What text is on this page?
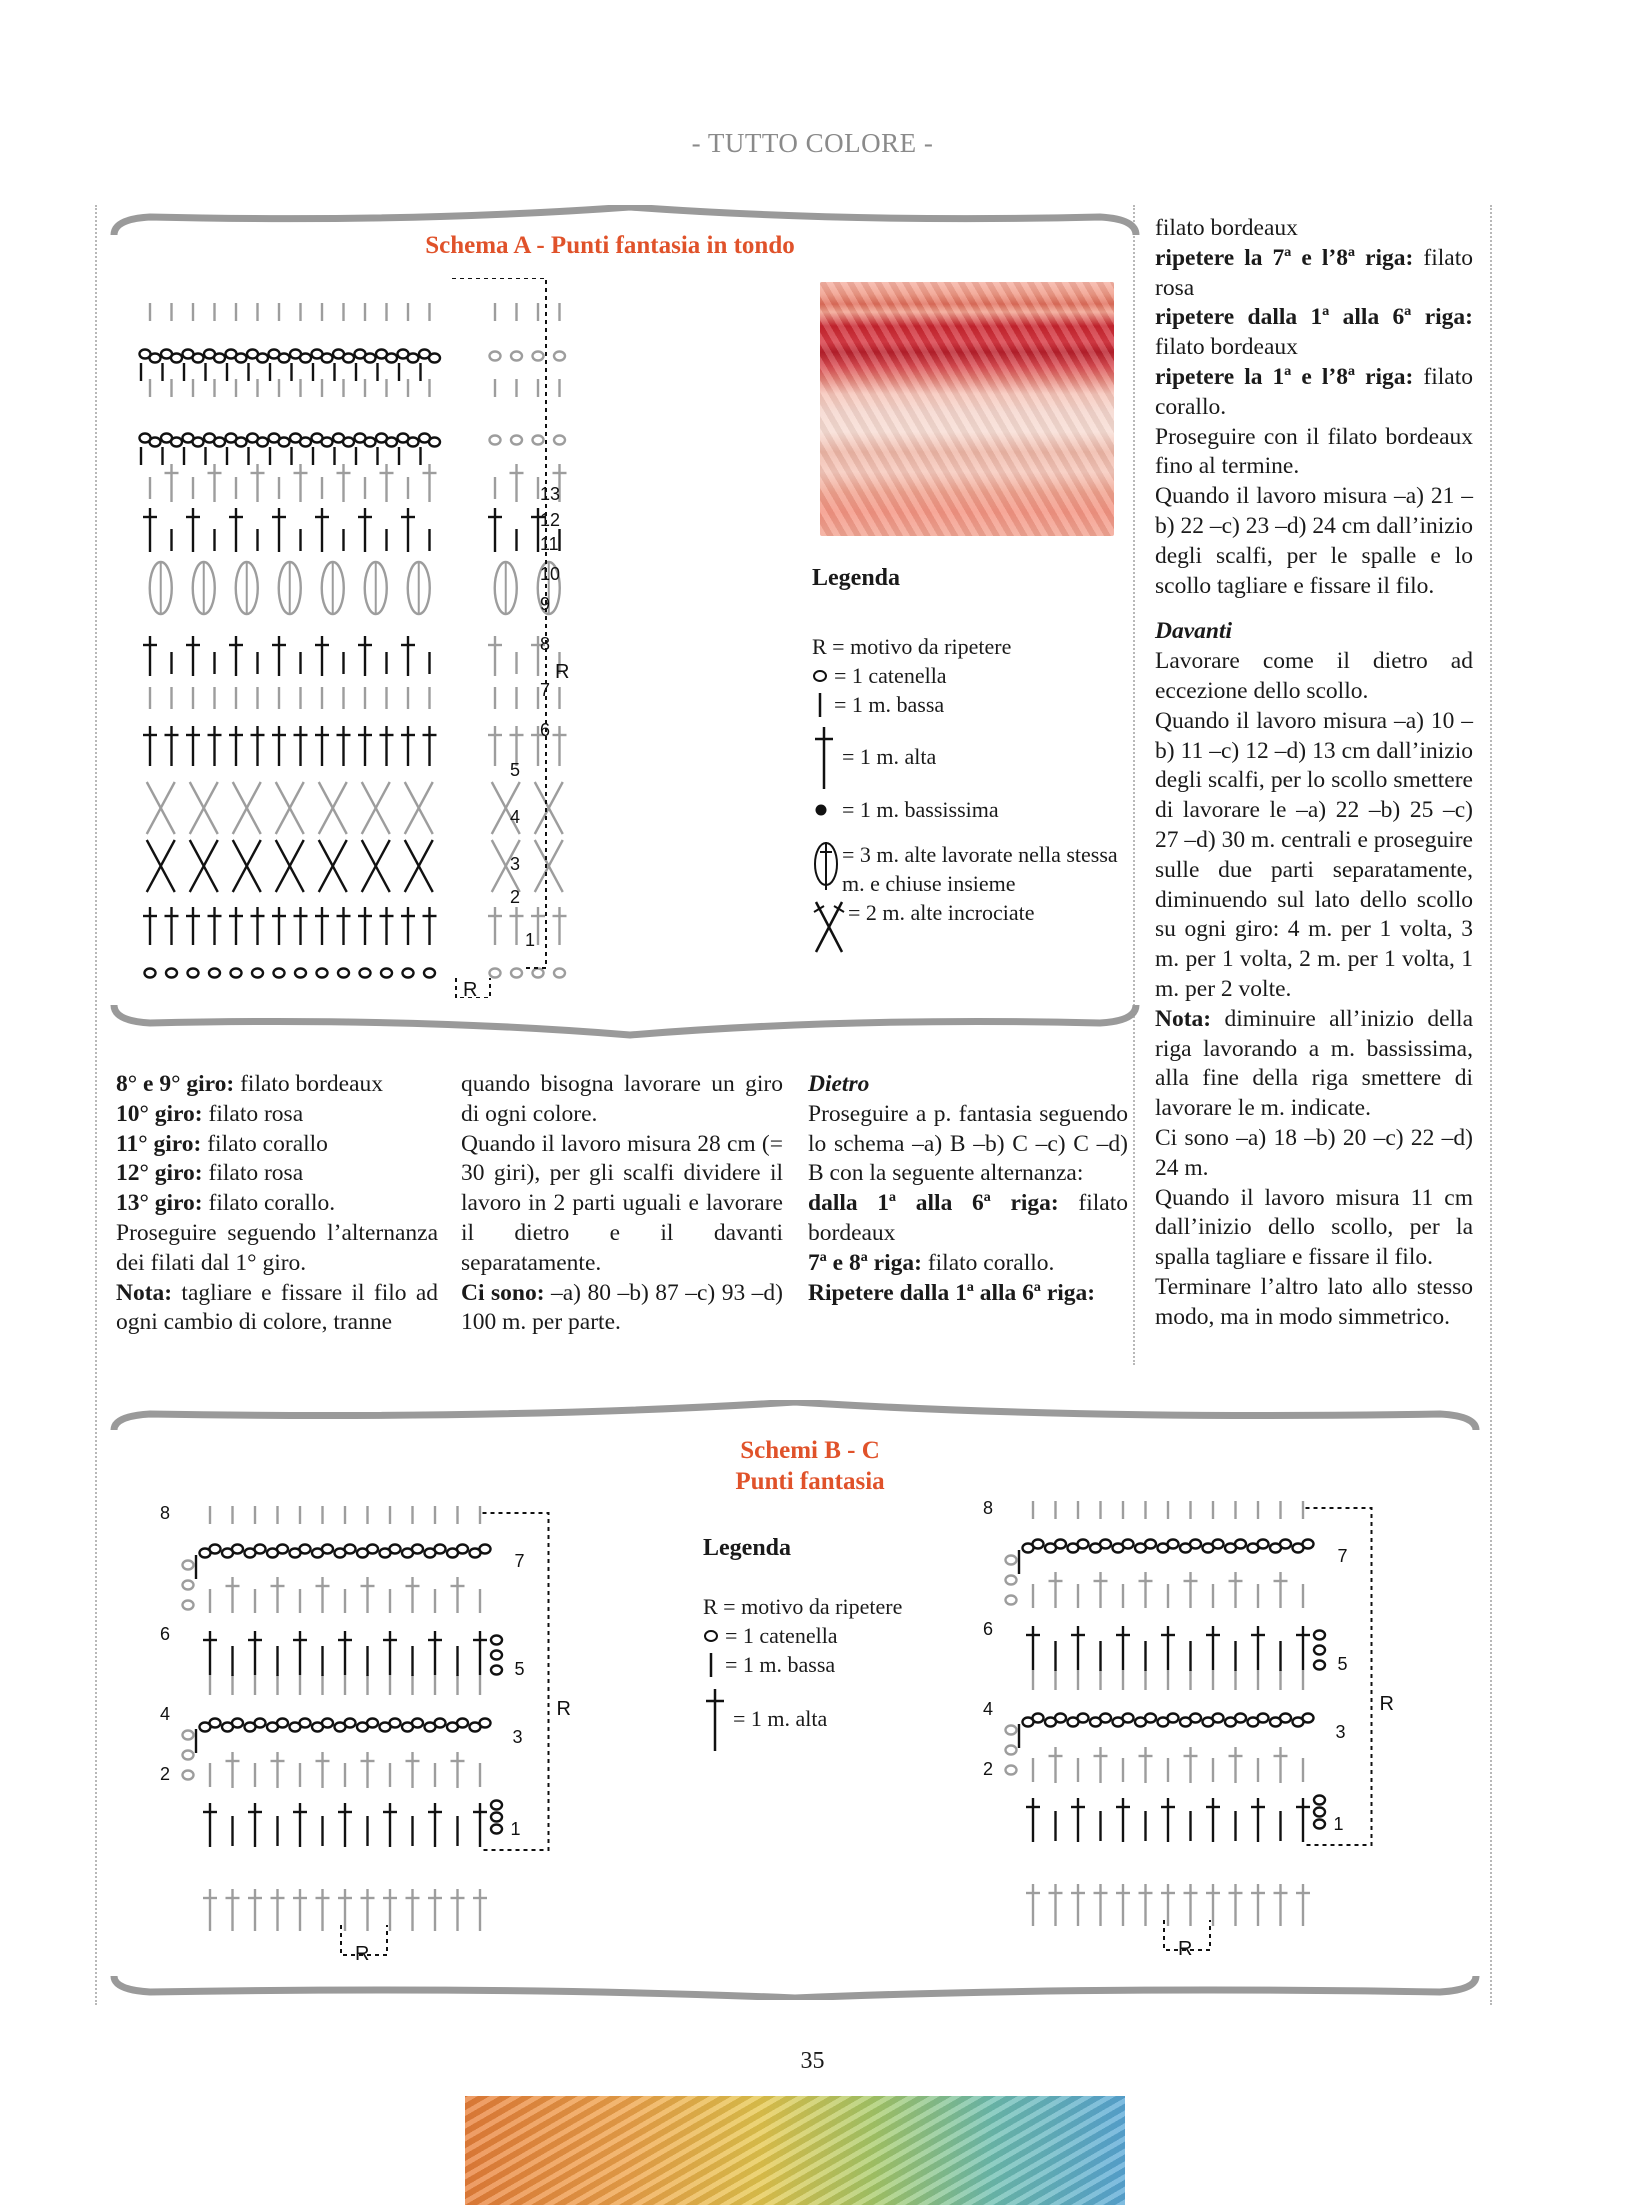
- TUTTO COLORE -
Schema A - Punti fantasia in tondo
1
2
3
4
5
6
7
8
9
10
11
12
13
R
R
Legenda
R = motivo da ripetere
= 1 catenella
= 1 m. bassa
= 1 m. alta
= 1 m. bassissima
= 3 m. alte lavorate nella stessa m. e chiuse insieme
= 2 m. alte incrociate

8° e 9° giro: filato bordeaux

10° giro: filato rosa

11° giro: filato corallo

12° giro: filato rosa

13° giro: filato corallo.

Proseguire seguendo l’alternanza dei filati dal 1° giro.

Nota: tagliare e fissare il filo ad ogni cambio di colore, tranne

quando bisogna lavorare un giro di ogni colore.

Quando il lavoro misura 28 cm (= 30 giri), per gli scalfi dividere il lavoro in 2 parti uguali e lavorare il dietro e il davanti separatamente.

Ci sono: –a) 80 –b) 87 –c) 93 –d) 100 m. per parte.

Dietro

Proseguire a p. fantasia seguendo lo schema –a) B –b) C –c) C –d) B con la seguente alternanza:

dalla 1ª alla 6ª riga: filato bordeaux

7ª e 8ª riga: filato corallo.

Ripetere dalla 1ª alla 6ª riga:

filato bordeaux

ripetere la 7ª e l’8ª riga: filato rosa

ripetere dalla 1ª alla 6ª riga: filato bordeaux

ripetere la 1ª e l’8ª riga: filato corallo.

Proseguire con il filato bordeaux fino al termine.

Quando il lavoro misura –a) 21 –b) 22 –c) 23 –d) 24 cm dall’inizio degli scalfi, per le spalle e lo scollo tagliare e fissare il filo.

Davanti

Lavorare come il dietro ad eccezione dello scollo.

Quando il lavoro misura –a) 10 –b) 11 –c) 12 –d) 13 cm dall’inizio degli scalfi, per lo scollo smettere di lavorare le –a) 22 –b) 25 –c) 27 –d) 30 m. centrali e proseguire sulle due parti separatamente, diminuendo sul lato dello scollo su ogni giro: 4 m. per 1 volta, 3 m. per 1 volta, 2 m. per 1 volta, 1 m. per 2 volte.

Nota: diminuire all’inizio della riga lavorando a m. bassissima, alla fine della riga smettere di lavorare le m. indicate.

Ci sono –a) 18 –b) 20 –c) 22 –d) 24 m.

Quando il lavoro misura 11 cm dall’inizio dello scollo, per la spalla tagliare e fissare il filo.

Terminare l’altro lato allo stesso modo, ma in modo simmetrico.

Schemi B - C
Punti fantasia
1
2
3
4
5
6
7
8
R
R
1
2
3
4
5
6
7
8
R
R
Legenda
R = motivo da ripetere
= 1 catenella
= 1 m. bassa
= 1 m. alta
35
